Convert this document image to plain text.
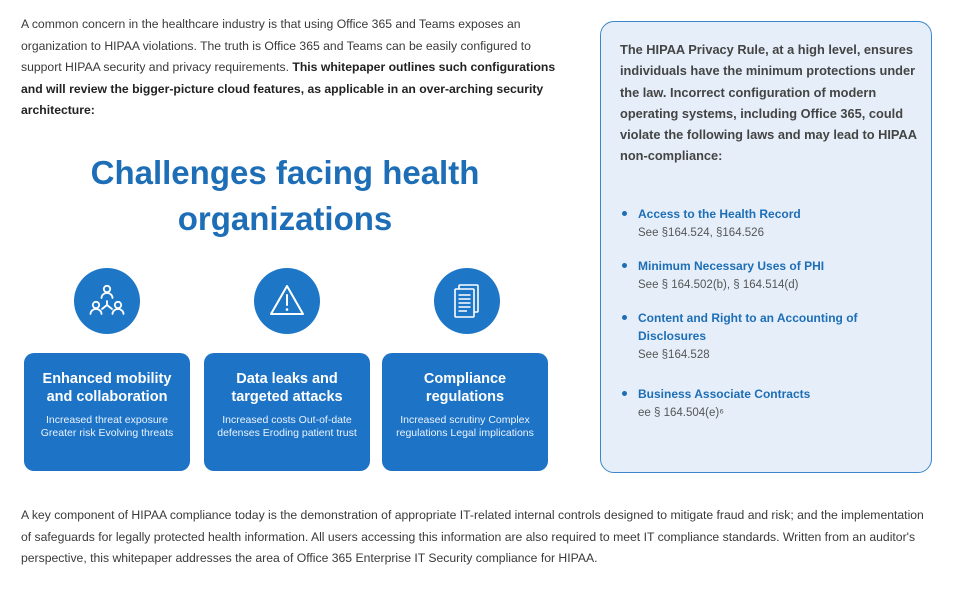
A common concern in the healthcare industry is that using Office 365 and Teams exposes an organization to HIPAA violations. The truth is Office 365 and Teams can be easily configured to support HIPAA security and privacy requirements. This whitepaper outlines such configurations and will review the bigger-picture cloud features, as applicable in an over-arching security architecture:

Challenges facing health organizations
Enhanced mobility and collaboration
Increased threat exposure Greater risk Evolving threats
Data leaks and targeted attacks
Increased costs Out-of-date defenses Eroding patient trust
Compliance regulations
Increased scrutiny Complex regulations Legal implications

The HIPAA Privacy Rule, at a high level, ensures individuals have the minimum protections under the law. Incorrect configuration of modern operating systems, including Office 365, could violate the following laws and may lead to HIPAA non-compliance:

Access to the Health Record
See §164.524, §164.526
Minimum Necessary Uses of PHI
See § 164.502(b), § 164.514(d)
Content and Right to an Accounting of Disclosures
See §164.528
Business Associate Contracts
ee § 164.504(e)⁶

A key component of HIPAA compliance today is the demonstration of appropriate IT-related internal controls designed to mitigate fraud and risk; and the implementation of safeguards for legally protected health information. All users accessing this information are also required to meet IT compliance standards. Written from an auditor's perspective, this whitepaper addresses the area of Office 365 Enterprise IT Security compliance for HIPAA.
